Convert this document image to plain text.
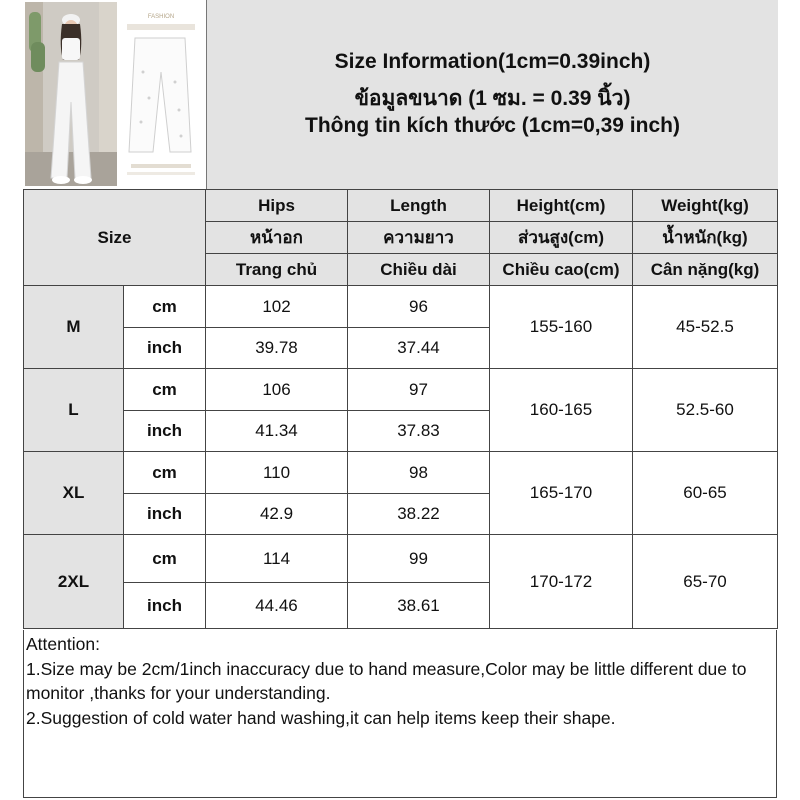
FASHION
Size Information(1cm=0.39inch)
ข้อมูลขนาด (1 ซม. = 0.39 นิ้ว)
Thông tin kích thước (1cm=0,39 inch)
Size		Hips	Length	Height(cm)	Weight(kg)
		หน้าอก	ความยาว	ส่วนสูง(cm)	น้ำหนัก(kg)
		Trang chủ	Chiều dài	Chiều cao(cm)	Cân nặng(kg)
M	cm	102	96	155-160	45-52.5
	inch	39.78	37.44		
L	cm	106	97	160-165	52.5-60
	inch	41.34	37.83		
XL	cm	110	98	165-170	60-65
	inch	42.9	38.22		
2XL	cm	114	99	170-172	65-70
	inch	44.46	38.61		

Attention:

1.Size may be 2cm/1inch inaccuracy due to hand measure,Color may be little different due to monitor ,thanks for your understanding.

2.Suggestion of cold water hand washing,it can help items keep their shape.
